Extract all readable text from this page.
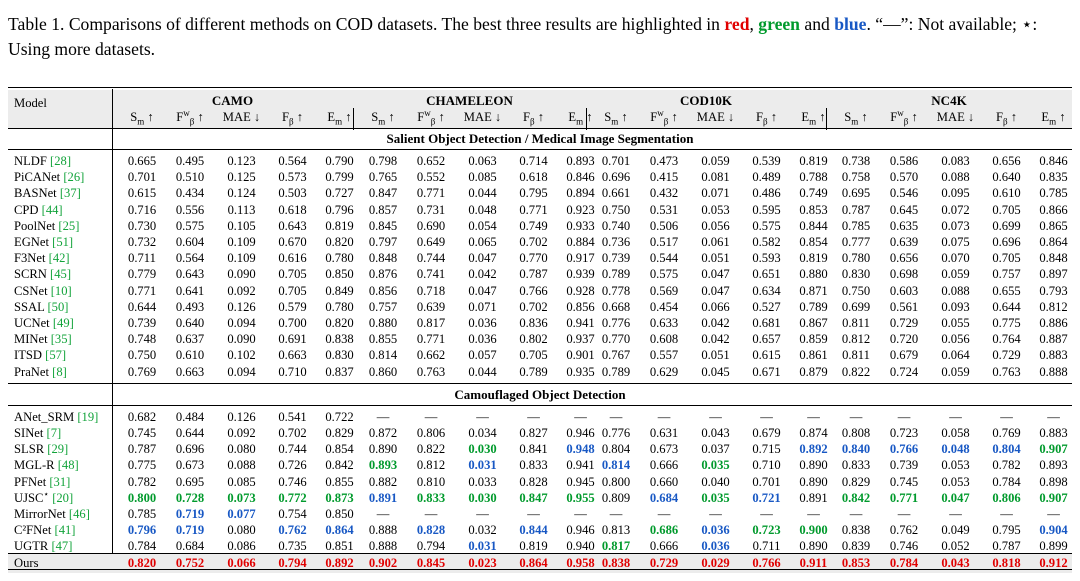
Table 1. Comparisons of different methods on COD datasets. The best three results are highlighted in red, green and blue. “—”: Not available; ⋆: Using more datasets.
Model	CAMO	CHAMELEON	COD10K	NC4K
$S_m$ ↑	$F^w_\beta$ ↑	MAE ↓	$F_\beta$ ↑	$E_m$ ↑	$S_m$ ↑	$F^w_\beta$ ↑	MAE ↓	$F_\beta$ ↑	$E_m$ ↑ $S_m$ ↑	$F^w_\beta$ ↑	MAE ↓	$F_\beta$ ↑	$E_m$ ↑	$S_m$ ↑	$F^w_\beta$ ↑	MAE ↓	$F_\beta$ ↑	$E_m$ ↑
Salient Object Detection / Medical Image Segmentation
NLDF [28]	0.665	0.495	0.123	0.564	0.790	0.798	0.652	0.063	0.714	0.893 0.701	0.473	0.059	0.539	0.819	0.738	0.586	0.083	0.656	0.846
PiCANet [26]	0.701	0.510	0.125	0.573	0.799	0.765	0.552	0.085	0.618	0.846 0.696	0.415	0.081	0.489	0.788	0.758	0.570	0.088	0.640	0.835
BASNet [37]	0.615	0.434	0.124	0.503	0.727	0.847	0.771	0.044	0.795	0.894 0.661	0.432	0.071	0.486	0.749	0.695	0.546	0.095	0.610	0.785
CPD [44]	0.716	0.556	0.113	0.618	0.796	0.857	0.731	0.048	0.771	0.923 0.750	0.531	0.053	0.595	0.853	0.787	0.645	0.072	0.705	0.866
PoolNet [25]	0.730	0.575	0.105	0.643	0.819	0.845	0.690	0.054	0.749	0.933 0.740	0.506	0.056	0.575	0.844	0.785	0.635	0.073	0.699	0.865
EGNet [51]	0.732	0.604	0.109	0.670	0.820	0.797	0.649	0.065	0.702	0.884 0.736	0.517	0.061	0.582	0.854	0.777	0.639	0.075	0.696	0.864
F3Net [42]	0.711	0.564	0.109	0.616	0.780	0.848	0.744	0.047	0.770	0.917 0.739	0.544	0.051	0.593	0.819	0.780	0.656	0.070	0.705	0.848
SCRN [45]	0.779	0.643	0.090	0.705	0.850	0.876	0.741	0.042	0.787	0.939 0.789	0.575	0.047	0.651	0.880	0.830	0.698	0.059	0.757	0.897
CSNet [10]	0.771	0.641	0.092	0.705	0.849	0.856	0.718	0.047	0.766	0.928 0.778	0.569	0.047	0.634	0.871	0.750	0.603	0.088	0.655	0.793
SSAL [50]	0.644	0.493	0.126	0.579	0.780	0.757	0.639	0.071	0.702	0.856 0.668	0.454	0.066	0.527	0.789	0.699	0.561	0.093	0.644	0.812
UCNet [49]	0.739	0.640	0.094	0.700	0.820	0.880	0.817	0.036	0.836	0.941 0.776	0.633	0.042	0.681	0.867	0.811	0.729	0.055	0.775	0.886
MINet [35]	0.748	0.637	0.090	0.691	0.838	0.855	0.771	0.036	0.802	0.937 0.770	0.608	0.042	0.657	0.859	0.812	0.720	0.056	0.764	0.887
ITSD [57]	0.750	0.610	0.102	0.663	0.830	0.814	0.662	0.057	0.705	0.901 0.767	0.557	0.051	0.615	0.861	0.811	0.679	0.064	0.729	0.883
PraNet [8]	0.769	0.663	0.094	0.710	0.837	0.860	0.763	0.044	0.789	0.935 0.789	0.629	0.045	0.671	0.879	0.822	0.724	0.059	0.763	0.888
Camouflaged Object Detection
ANet_SRM [19]	0.682	0.484	0.126	0.541	0.722	—	—	—	—	—	—	—	—	—	—	—	—	—	—	—
SINet [7]	0.745	0.644	0.092	0.702	0.829	0.872	0.806	0.034	0.827	0.946 0.776	0.631	0.043	0.679	0.874	0.808	0.723	0.058	0.769	0.883
SLSR [29]	0.787	0.696	0.080	0.744	0.854	0.890	0.822	0.030	0.841	0.948 0.804	0.673	0.037	0.715	0.892	0.840	0.766	0.048	0.804	0.907
MGL-R [48]	0.775	0.673	0.088	0.726	0.842	0.893	0.812	0.031	0.833	0.941 0.814	0.666	0.035	0.710	0.890	0.833	0.739	0.053	0.782	0.893
PFNet [31]	0.782	0.695	0.085	0.746	0.855	0.882	0.810	0.033	0.828	0.945 0.800	0.660	0.040	0.701	0.890	0.829	0.745	0.053	0.784	0.898
UJSC⋆ [20]	0.800	0.728	0.073	0.772	0.873	0.891	0.833	0.030	0.847	0.955 0.809	0.684	0.035	0.721	0.891	0.842	0.771	0.047	0.806	0.907
MirrorNet [46]	0.785	0.719	0.077	0.754	0.850	—	—	—	—	—	—	—	—	—	—	—	—	—	—	—
C²FNet [41]	0.796	0.719	0.080	0.762	0.864	0.888	0.828	0.032	0.844	0.946 0.813	0.686	0.036	0.723	0.900	0.838	0.762	0.049	0.795	0.904
UGTR [47]	0.784	0.684	0.086	0.735	0.851	0.888	0.794	0.031	0.819	0.940 0.817	0.666	0.036	0.711	0.890	0.839	0.746	0.052	0.787	0.899
Ours	0.820	0.752	0.066	0.794	0.892	0.902	0.845	0.023	0.864	0.958 0.838	0.729	0.029	0.766	0.911	0.853	0.784	0.043	0.818	0.912
